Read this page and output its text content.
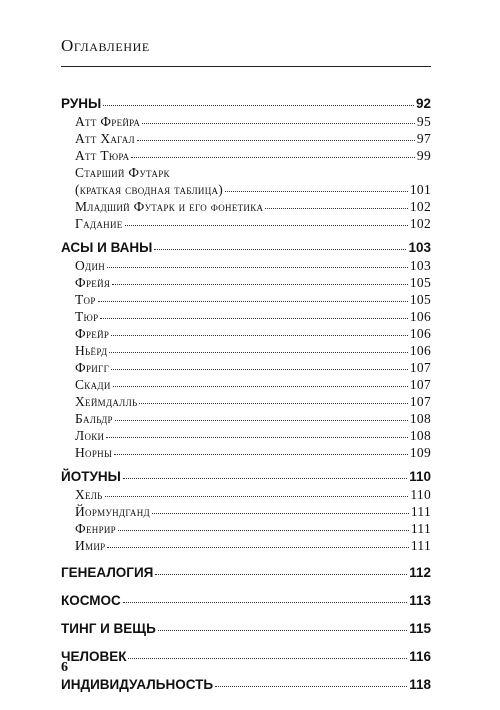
Оглавление
РУНЫ	92
Атт Фрейра	95
Атт Хагал	97
Атт Тюра	99
Старший Футарк
(краткая сводная таблица)	101
Младший Футарк и его фонетика	102
Гадание	102
АСЫ И ВАНЫ	103
Один	103
Фрейя	105
Тор	105
Тюр	106
Фрейр	106
Ньёрд	106
Фригг	107
Скади	107
Хеймдалль	107
Бальдр	108
Локи	108
Норны	109
ЙОТУНЫ	110
Хель	110
Йормундганд	111
Фенрир	111
Имир	111
ГЕНЕАЛОГИЯ	112
КОСМОС	113
ТИНГ И ВЕЩЬ	115
ЧЕЛОВЕК	116
ИНДИВИДУАЛЬНОСТЬ	118
6
